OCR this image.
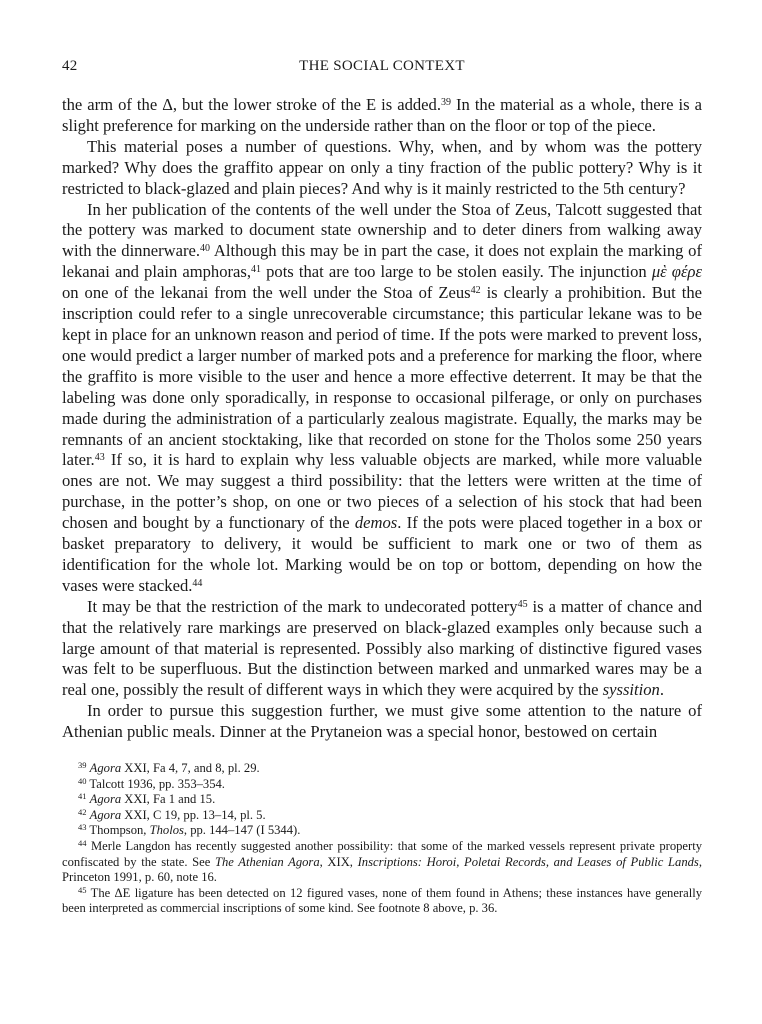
42	THE SOCIAL CONTEXT

the arm of the Δ, but the lower stroke of the E is added.$^{39}$ In the material as a whole, there is a slight preference for marking on the underside rather than on the floor or top of the piece.

This material poses a number of questions. Why, when, and by whom was the pottery marked? Why does the graffito appear on only a tiny fraction of the public pottery? Why is it restricted to black-glazed and plain pieces? And why is it mainly restricted to the 5th century?

In her publication of the contents of the well under the Stoa of Zeus, Talcott suggested that the pottery was marked to document state ownership and to deter diners from walking away with the dinnerware.$^{40}$ Although this may be in part the case, it does not explain the marking of lekanai and plain amphoras,$^{41}$ pots that are too large to be stolen easily. The injunction μὲ φέρε on one of the lekanai from the well under the Stoa of Zeus$^{42}$ is clearly a prohibition. But the inscription could refer to a single unrecoverable circumstance; this particular lekane was to be kept in place for an unknown reason and period of time. If the pots were marked to prevent loss, one would predict a larger number of marked pots and a preference for marking the floor, where the graffito is more visible to the user and hence a more effective deterrent. It may be that the labeling was done only sporadically, in response to occasional pilferage, or only on purchases made during the administration of a particularly zealous magistrate. Equally, the marks may be remnants of an ancient stocktaking, like that recorded on stone for the Tholos some 250 years later.$^{43}$ If so, it is hard to explain why less valuable objects are marked, while more valuable ones are not. We may suggest a third possibility: that the letters were written at the time of purchase, in the potter’s shop, on one or two pieces of a selection of his stock that had been chosen and bought by a functionary of the demos. If the pots were placed together in a box or basket preparatory to delivery, it would be sufficient to mark one or two of them as identification for the whole lot. Marking would be on top or bottom, depending on how the vases were stacked.$^{44}$

It may be that the restriction of the mark to undecorated pottery$^{45}$ is a matter of chance and that the relatively rare markings are preserved on black-glazed examples only because such a large amount of that material is represented. Possibly also marking of distinctive figured vases was felt to be superfluous. But the distinction between marked and unmarked wares may be a real one, possibly the result of different ways in which they were acquired by the syssition.

In order to pursue this suggestion further, we must give some attention to the nature of Athenian public meals. Dinner at the Prytaneion was a special honor, bestowed on certain

$^{39}$ Agora XXI, Fa 4, 7, and 8, pl. 29.

$^{40}$ Talcott 1936, pp. 353–354.

$^{41}$ Agora XXI, Fa 1 and 15.

$^{42}$ Agora XXI, C 19, pp. 13–14, pl. 5.

$^{43}$ Thompson, Tholos, pp. 144–147 (I 5344).

$^{44}$ Merle Langdon has recently suggested another possibility: that some of the marked vessels represent private property confiscated by the state. See The Athenian Agora, XIX, Inscriptions: Horoi, Poletai Records, and Leases of Public Lands, Princeton 1991, p. 60, note 16.

$^{45}$ The ΔΕ ligature has been detected on 12 figured vases, none of them found in Athens; these instances have generally been interpreted as commercial inscriptions of some kind. See footnote 8 above, p. 36.
